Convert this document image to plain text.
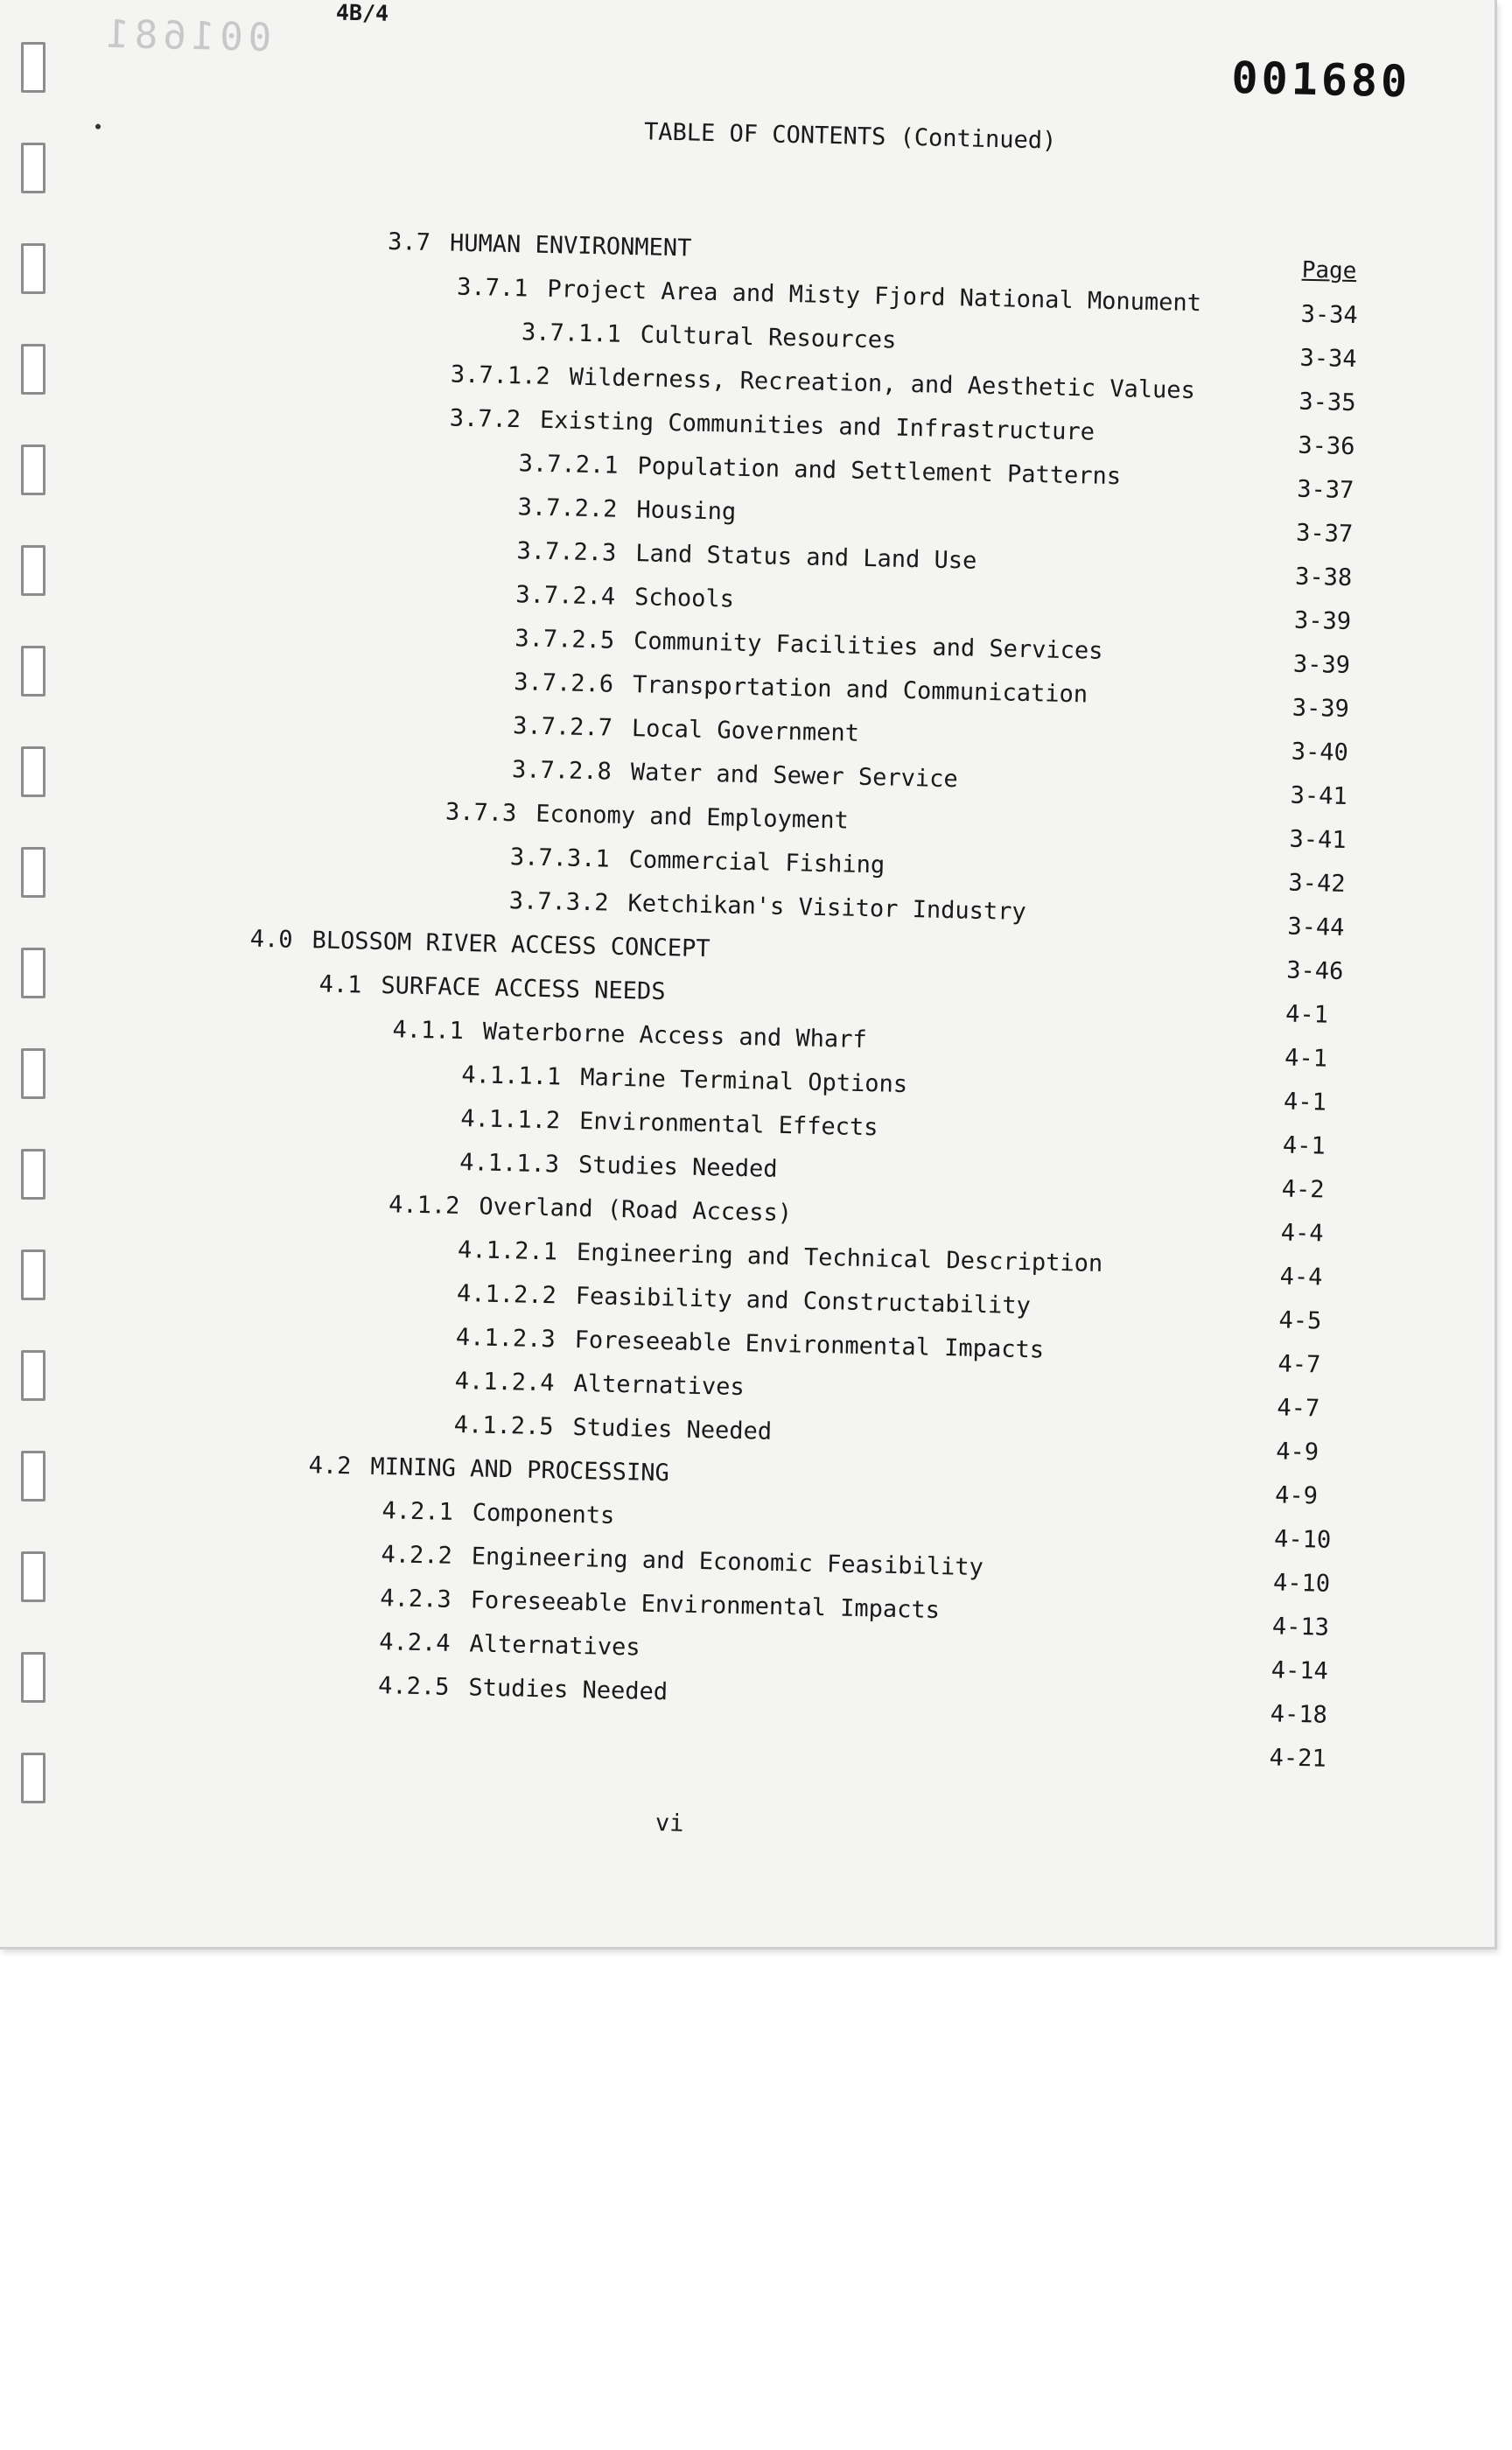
4B/4
001681
001680
TABLE OF CONTENTS (Continued)
Page
3.7 HUMAN ENVIRONMENT
3.7.1 Project Area and Misty Fjord National Monument
3.7.1.1 Cultural Resources
3.7.1.2 Wilderness, Recreation, and Aesthetic Values
3.7.2 Existing Communities and Infrastructure
3.7.2.1 Population and Settlement Patterns
3.7.2.2 Housing
3.7.2.3 Land Status and Land Use
3.7.2.4 Schools
3.7.2.5 Community Facilities and Services
3.7.2.6 Transportation and Communication
3.7.2.7 Local Government
3.7.2.8 Water and Sewer Service
3.7.3 Economy and Employment
3.7.3.1 Commercial Fishing
3.7.3.2 Ketchikan's Visitor Industry
4.0 BLOSSOM RIVER ACCESS CONCEPT
4.1 SURFACE ACCESS NEEDS
4.1.1 Waterborne Access and Wharf
4.1.1.1 Marine Terminal Options
4.1.1.2 Environmental Effects
4.1.1.3 Studies Needed
4.1.2 Overland (Road Access)
4.1.2.1 Engineering and Technical Description
4.1.2.2 Feasibility and Constructability
4.1.2.3 Foreseeable Environmental Impacts
4.1.2.4 Alternatives
4.1.2.5 Studies Needed
4.2 MINING AND PROCESSING
4.2.1 Components
4.2.2 Engineering and Economic Feasibility
4.2.3 Foreseeable Environmental Impacts
4.2.4 Alternatives
4.2.5 Studies Needed
3-34
3-34
3-35
3-36
3-37
3-37
3-38
3-39
3-39
3-39
3-40
3-41
3-41
3-42
3-44
3-46
4-1
4-1
4-1
4-1
4-2
4-4
4-4
4-5
4-7
4-7
4-9
4-9
4-10
4-10
4-13
4-14
4-18
4-21
vi
